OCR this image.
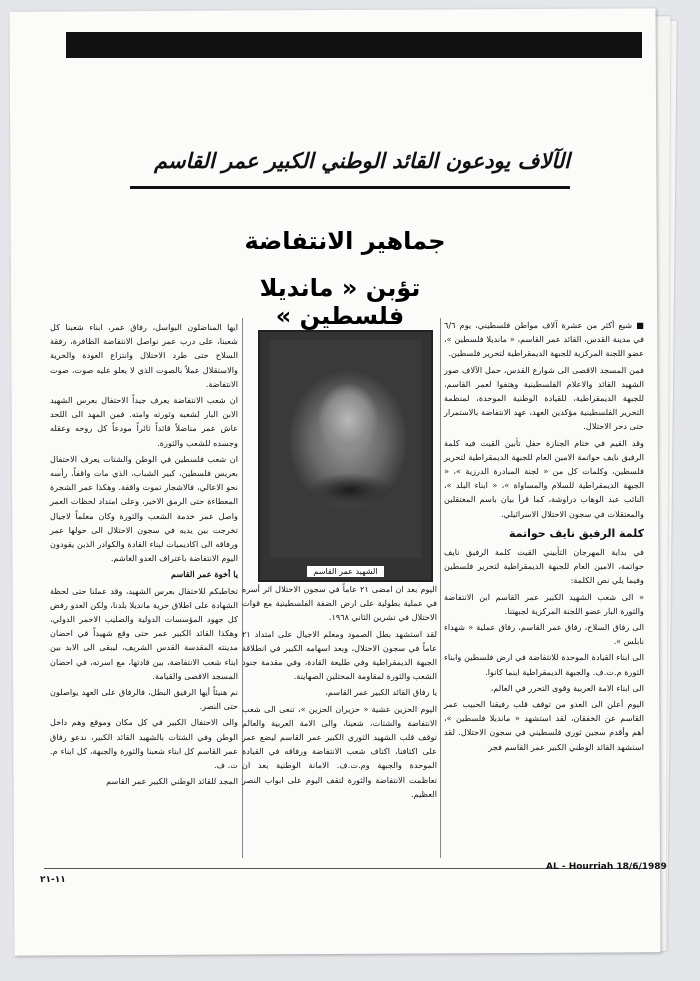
الآلاف يودعون القائد الوطني الكبير عمر القاسم
جماهير الانتفاضة
تؤبن « مانديلا فلسطين »	■ شيع أكثر من عشرة آلاف مواطن فلسطيني، يوم ٦/٦ في مدينة القدس، القائد عمر القاسم، « مانديلا فلسطين »، عضو اللجنة المركزية للجبهة الديمقراطية لتحرير فلسطين.

فمن المسجد الاقصى الى شوارع القدس، حمل الآلاف صور الشهيد القائد والاعلام الفلسطينية وهتفوا لعمر القاسم، للجبهة الديمقراطية، للقيادة الوطنية الموحدة، لمنظمة التحرير الفلسطينية مؤكدين العهد، عهد الانتفاضة بالاستمرار حتى دحر الاحتلال.

وقد القيم في ختام الجنازة حفل تأبين القيت فيه كلمة الرفيق نايف حواتمة الامين العام للجبهة الديمقراطية لتحرير فلسطين، وكلمات كل من « لجنة المبادرة الدرزية »، « الجبهة الديمقراطية للسلام والمساواة »، « ابناء البلد »، النائب عبد الوهاب دراوشة، كما قرأ بيان باسم المعتقلين والمعتقلات في سجون الاحتلال الاسرائيلي.

كلمة الرفيق نايف حواتمة

في بداية المهرجان التأبيني القيت كلمة الرفيق نايف حواتمة، الامين العام للجبهة الديمقراطية لتحرير فلسطين وفيما يلي نص الكلمة:

« الى شعب الشهيد الكبير عمر القاسم ابن الانتفاضة والثورة البار عضو اللجنة المركزية لجبهتنا.

الى رفاق السلاح، رفاق عمر القاسم، رفاق عملية « شهداء نابلس ».

الى ابناء القيادة الموحدة للانتفاضة في ارض فلسطين وابناء الثورة م.ت.ف. والجبهة الديمقراطية اينما كانوا.

الى ابناء الامة العربية وقوى التحرر في العالم،

اليوم أعلن الى العدو من توقف قلب رفيقنا الحبيب عمر القاسم عن الخفقان، لقد استشهد « مانديلا فلسطين »، أهم وأقدم سجين ثوري فلسطيني في سجون الاحتلال. لقد استشهد القائد الوطني الكبير عمر القاسم فجر

الشهيد عمر القاسم

اليوم بعد ان امضى ٢١ عاماً في سجون الاحتلال اثر أسره في عملية بطولية على ارض الضفة الفلسطينية مع قوات الاحتلال في تشرين الثاني ١٩٦٨.

لقد استشهد بطل الصمود ومعلم الاجيال على امتداد ٢١ عاماً في سجون الاحتلال، وبعد اسهامه الكبير في انطلاقة الجبهة الديمقراطية وفي طليعة القادة، وفي مقدمة جنود الشعب والثورة لمقاومة المحتلين الصهاينة.

يا رفاق القائد الكبير عمر القاسم،

اليوم الحزين عشية « حزيران الحزين »، تنعى الى شعب الانتفاضة والشتات، شعبنا، والى الامة العربية والعالم توقف قلب الشهيد الثوري الكبير عمر القاسم ليضع عمر على اكتافنا، اكتاف شعب الانتفاضة ورفاقه في القيادة الموحدة والجبهة وم.ت.ف. الامانة الوطنية بعد ان تعاظمت الانتفاضة والثورة لتقف اليوم على ابواب النصر العظيم.

ايها المناضلون البواسل، رفاق عمر، ابناء شعبنا كل شعبنا، على درب عمر نواصل الانتفاضة الظافرة، رفقة السلاح حتى طرد الاحتلال وانتزاع العودة والحرية والاستقلال عملاً بالصوت الذي لا يعلو عليه صوت، صوت الانتفاضة.

ان شعب الانتفاضة يعرف جيداً الاحتفال بعرس الشهيد الابن البار لشعبه وثورته وامته. فمن المهد الى اللحد عاش عمر مناضلاً قائداً ثائراً مودعاً كل روحه وعقله وجسده للشعب والثورة.

ان شعب فلسطين في الوطن والشتات يعرف الاحتفال بعريس فلسطين، كبير الشباب، الذي مات واقفاً، رأسه نحو الاعالي، فالاشجار تموت واقفة. وهكذا عمر الشجرة المعطاءة حتى الرمق الاخير، وعلى امتداد لحظات العمر واصل عمر خدمة الشعب والثورة وكان معلماً لاجيال تخرجت بين يديه في سجون الاحتلال الى حولها عمر ورفاقه الى اكاديميات لبناء القادة والكوادر الذين يقودون اليوم الانتفاضة باعتراف العدو الغاشم.

يا أخوة عمر القاسم

تخاطبكم للاحتفال بعرس الشهيد، وقد عملنا حتى لحظة الشهادة على اطلاق حرية مانديلا بلدنا، ولكن العدو رفض كل جهود المؤسسات الدولية والصليب الاحمر الدولي، وهكذا القائد الكبير عمر حتى وقع شهيداً في احضان مدينته المقدسة القدس الشريف، ليبقى الى الابد بين ابناء شعب الانتفاضة، بين قادتها، مع اسرته، في احضان المسجد الاقصى والقيامة.

نم هنيئاً أيها الرفيق البطل، فالرفاق على العهد يواصلون حتى النصر.

والى الاحتفال الكبير في كل مكان وموقع وهم داخل الوطن وفي الشتات بالشهيد القائد الكبير، ندعو رفاق عمر القاسم كل ابناء شعبنا والثورة والجبهة، كل ابناء م. ت. ف.

المجد للقائد الوطني الكبير عمر القاسم

AL - Hourriah 18/6/1989
١١-٢١
